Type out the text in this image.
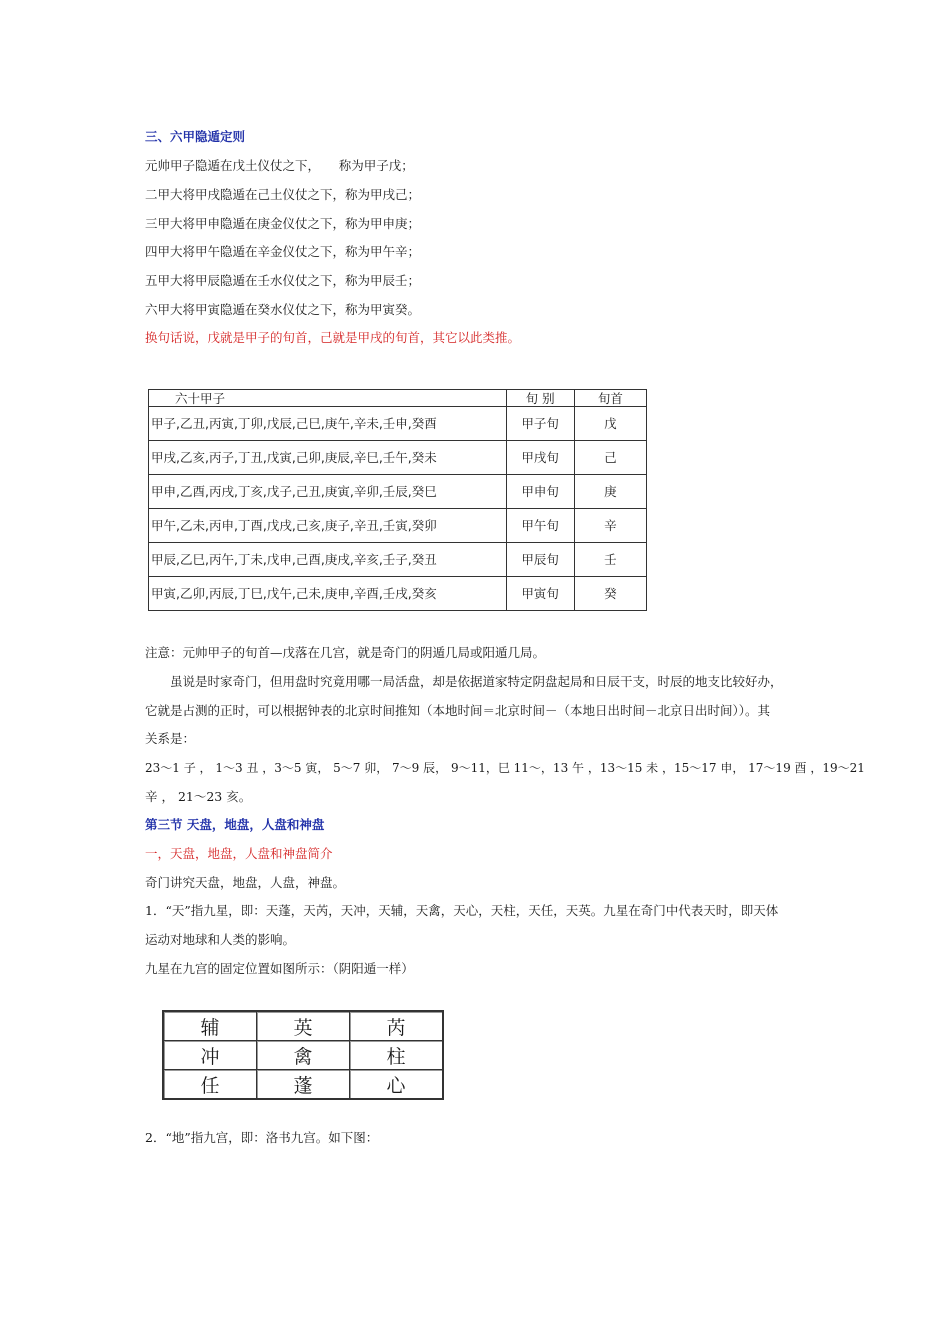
三、六甲隐遁定则
元帅甲子隐遁在戊土仪仗之下，　　称为甲子戊；
二甲大将甲戌隐遁在己土仪仗之下，称为甲戌己；
三甲大将甲申隐遁在庚金仪仗之下，称为甲申庚；
四甲大将甲午隐遁在辛金仪仗之下，称为甲午辛；
五甲大将甲辰隐遁在壬水仪仗之下，称为甲辰壬；
六甲大将甲寅隐遁在癸水仪仗之下，称为甲寅癸。
换句话说，戊就是甲子的旬首，己就是甲戌的旬首，其它以此类推。
六十甲子	旬 别	旬首
甲子,乙丑,丙寅,丁卯,戊辰,己巳,庚午,辛未,壬申,癸酉	甲子旬	戊
甲戌,乙亥,丙子,丁丑,戊寅,己卯,庚辰,辛巳,壬午,癸未	甲戌旬	己
甲申,乙酉,丙戌,丁亥,戊子,己丑,庚寅,辛卯,壬辰,癸巳	甲申旬	庚
甲午,乙未,丙申,丁酉,戊戌,己亥,庚子,辛丑,壬寅,癸卯	甲午旬	辛
甲辰,乙巳,丙午,丁未,戊申,己酉,庚戌,辛亥,壬子,癸丑	甲辰旬	壬
甲寅,乙卯,丙辰,丁巳,戊午,己未,庚申,辛酉,壬戌,癸亥	甲寅旬	癸
注意：元帅甲子的旬首—戊落在几宫，就是奇门的阴遁几局或阳遁几局。
虽说是时家奇门，但用盘时究竟用哪一局活盘，却是依据道家特定阴盘起局和日辰干支，时辰的地支比较好办，
它就是占测的正时，可以根据钟表的北京时间推知（本地时间＝北京时间－（本地日出时间－北京日出时间））。其
关系是：
23～1 子 ， 1～3 丑 ，3～5 寅， 5～7 卯， 7～9 辰， 9～11，巳 11～，13 午 ，13～15 未 ，15～17 申， 17～19 酉 ，19～21
辛 ， 21～23 亥。
第三节 天盘，地盘，人盘和神盘
一，天盘，地盘，人盘和神盘简介
奇门讲究天盘，地盘，人盘，神盘。
1．“天”指九星，即：天蓬，天芮，天冲，天辅，天禽，天心，天柱，天任，天英。九星在奇门中代表天时，即天体
运动对地球和人类的影响。
九星在九宫的固定位置如图所示：（阴阳遁一样）
辅	英	芮
冲	禽	柱
任	蓬	心
2．“地”指九宫，即：洛书九宫。如下图：
